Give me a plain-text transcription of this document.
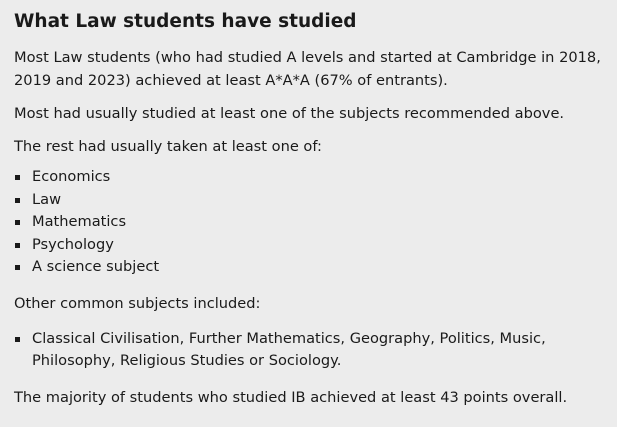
What Law students have studied

Most Law students (who had studied A levels and started at Cambridge in 2018, 2019 and 2023) achieved at least A*A*A (67% of entrants).

Most had usually studied at least one of the subjects recommended above.

The rest had usually taken at least one of:

Economics
Law
Mathematics
Psychology
A science subject

Other common subjects included:

Classical Civilisation, Further Mathematics, Geography, Politics, Music, Philosophy, Religious Studies or Sociology.

The majority of students who studied IB achieved at least 43 points overall.
